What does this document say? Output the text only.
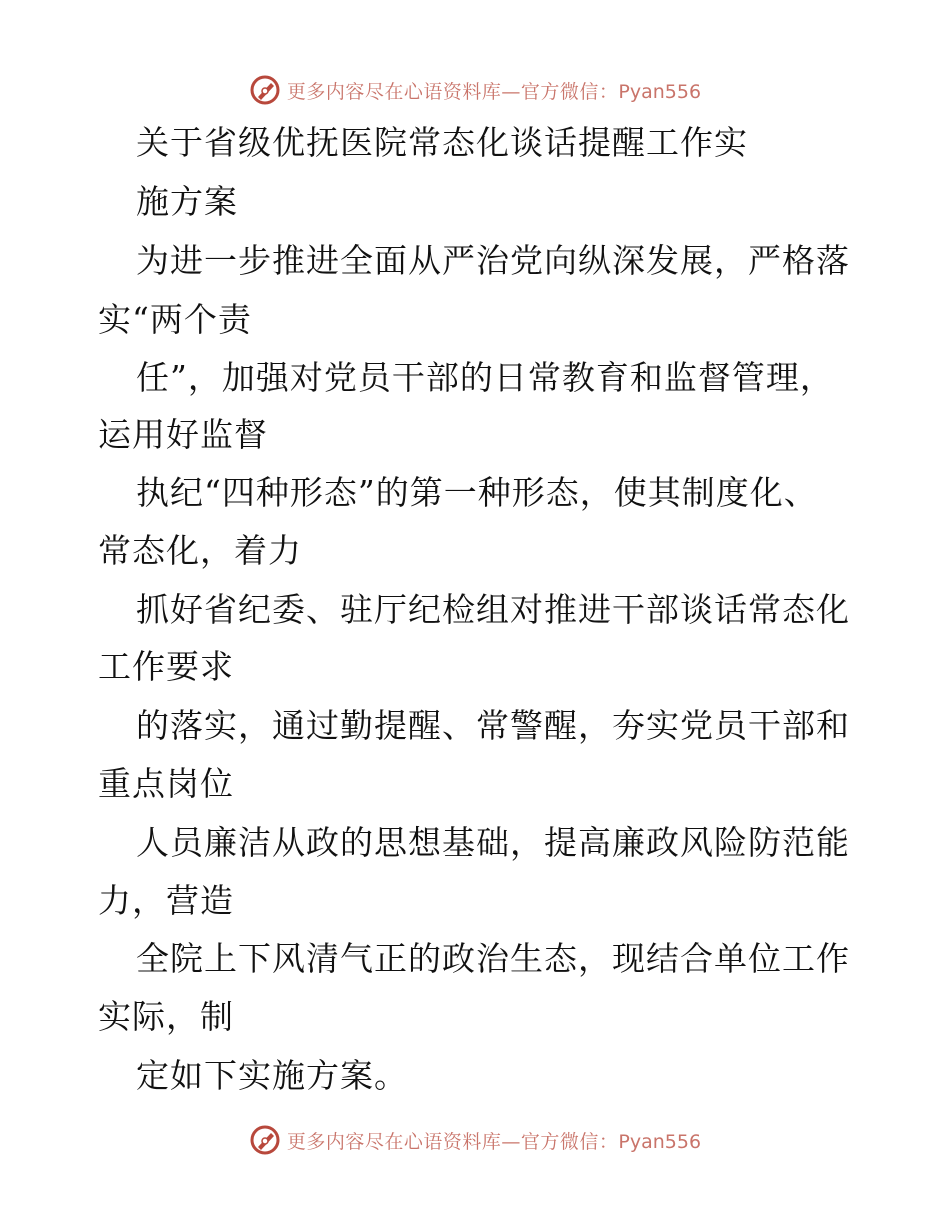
更多内容尽在心语资料库—官方微信：Pyan556
关于省级优抚医院常态化谈话提醒工作实
施方案
为进一步推进全面从严治党向纵深发展，严格落
实“两个责
任”，加强对党员干部的日常教育和监督管理，
运用好监督
执纪“四种形态”的第一种形态，使其制度化、
常态化，着力
抓好省纪委、驻厅纪检组对推进干部谈话常态化
工作要求
的落实，通过勤提醒、常警醒，夯实党员干部和
重点岗位
人员廉洁从政的思想基础，提高廉政风险防范能
力，营造
全院上下风清气正的政治生态，现结合单位工作
实际，制
定如下实施方案。
更多内容尽在心语资料库—官方微信：Pyan556
